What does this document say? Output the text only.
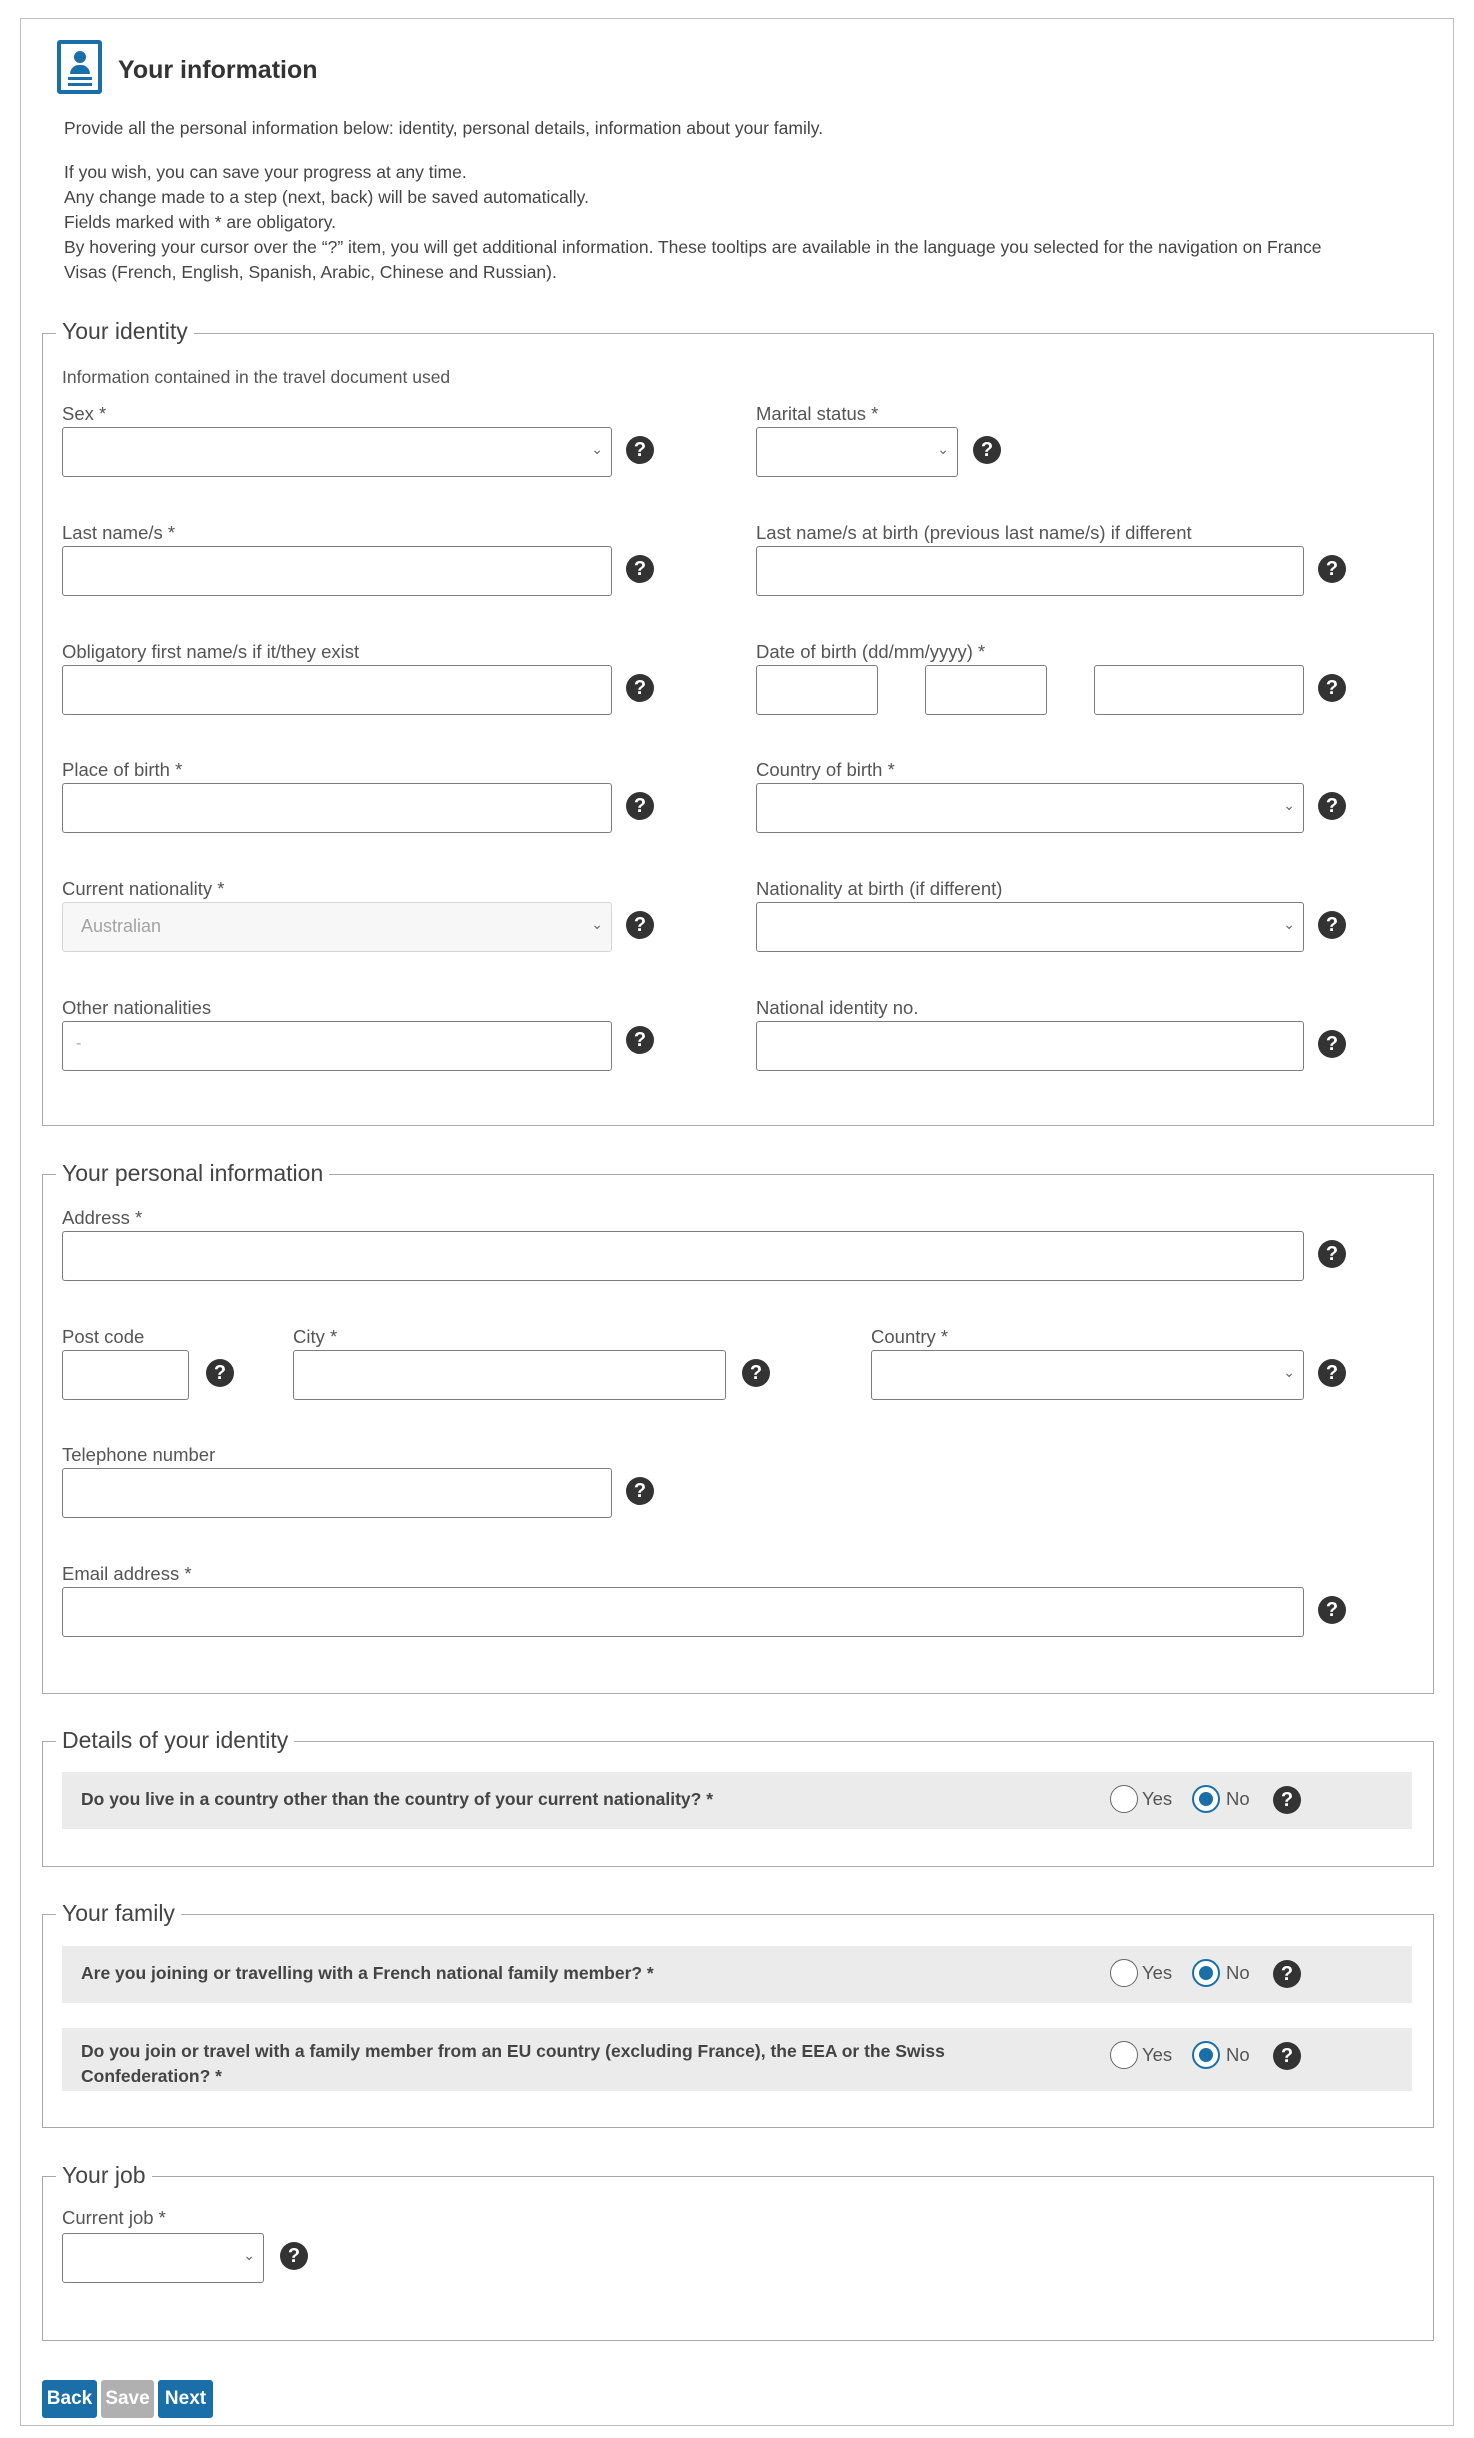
Your information
Provide all the personal information below: identity, personal details, information about your family.
If you wish, you can save your progress at any time.
Any change made to a step (next, back) will be saved automatically.
Fields marked with * are obligatory.
By hovering your cursor over the “?” item, you will get additional information. These tooltips are available in the language you selected for the navigation on France
Visas (French, English, Spanish, Arabic, Chinese and Russian).
Your identity
Information contained in the travel document used
Sex *
⌄	?
Marital status *
⌄	?
Last name/s *
?
Last name/s at birth (previous last name/s) if different
?
Obligatory first name/s if it/they exist
?
Date of birth (dd/mm/yyyy) *
?
Place of birth *
?
Country of birth *
⌄	?
Current nationality *
Australian	⌄	?
Nationality at birth (if different)
⌄	?
Other nationalities
-	?
National identity no.
?
Your personal information
Address *
?
Post code
?
City *
?
Country *
⌄	?
Telephone number
?
Email address *
?
Details of your identity
Do you live in a country other than the country of your current nationality? *	Yes	No	?
Your family
Are you joining or travelling with a French national family member? *	Yes	No	?
Do you join or travel with a family member from an EU country (excluding France), the EEA or the Swiss
Confederation? *
Yes	No	?
Your job
Current job *
⌄	?
Back Save Next
